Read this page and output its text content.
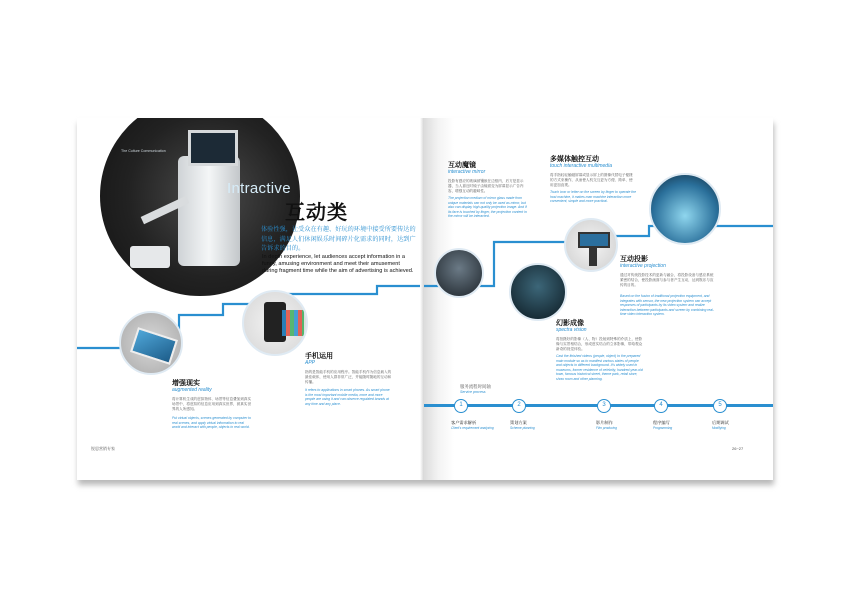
The Culture Communication
Intractive
互动类
体验性强，让受众在有趣、好玩的环境中接受所要传达的信息，满足人们休闲娱乐时间碎片化需求的同时，达到广告诉求的目的。
In depth experience, let audiences accept information in a funny, amusing environment and meet their amusement during fragment time while the aim of advertising is achieved.
增强现实
augmented reality
将计算机生成的虚拟物体、场景等信息叠加到真实场景中，将虚拟的信息应用到真实世界，被真实世界的人所感知。
Put virtual objects, scenes generated by computer to real scenes, and apply virtual information to real world and interact with people, objects in real world.
手机运用
APP
指的是智能手机的应用程序。智能手机作为信息载入的最佳载体，使用人群非常广泛，并能随时随地的互动和传播。
It refers to applications in smart phones. As smart phone is the most important mobile media, more and more people are using it and can observe regulated brands at any time and any place.
锐思营销专家
互动魔镜
interactive mirror
投影有感应的玻璃被镶嵌在边框内，后方是显示器，当人靠近时镜子由镜面变为屏幕显示广告内容，增强互动的趣味性。
The projection medium of mirror glass made from unique materials can not only be used as mirror, but also can display high-quality projection image. And if its face is touched by finger, the projection content in the mirror will be interacted.
多媒体触控互动
touch interactive multimedia
将手指轻轻触碰屏幕或显示屏上的图像代替电子便捷的方式来操作，从而使人机交互更为方便、简单、使用更加直观。
Touch icon or letter on the screen by finger to operate the host machine, it makes man machine interaction more convenient, simple and more practical.
互动投影
interactive projection
通过对传统投影技术的更新与融合，将投影设备与感应系统紧密的结合，使投影画面与参与者产生互动，达到娱乐与宣传的目的。
Based on the fusion of traditional projection equipment, and integrates with sensor, the new projection system can accept responses of participants by its video system and realize interaction between participants and screen by combining real-time video interaction system.
幻影成像
spectra vision
将拍摄好的影像（人、物）投射到特殊的介质上，使影像与实景相结合，形成虚实结合的立体影像，带给观众新奇的视觉体验。
Cast the finished videos (people, object) to the prepared main module so as to manifest various states of people and objects in different background. It's widely used in museums, former residence of celebrity, hundred-year-old town, famous historical street, theme park, retail store, show room and other planning.
服务流程时间轴
Service process
1	2	3	4	5
客户需求解析
Client's requirement analyzing
策划方案
Scheme planning
影片制作
Film producing
程序编写
Programming
后期调试
Modifying
26~27
